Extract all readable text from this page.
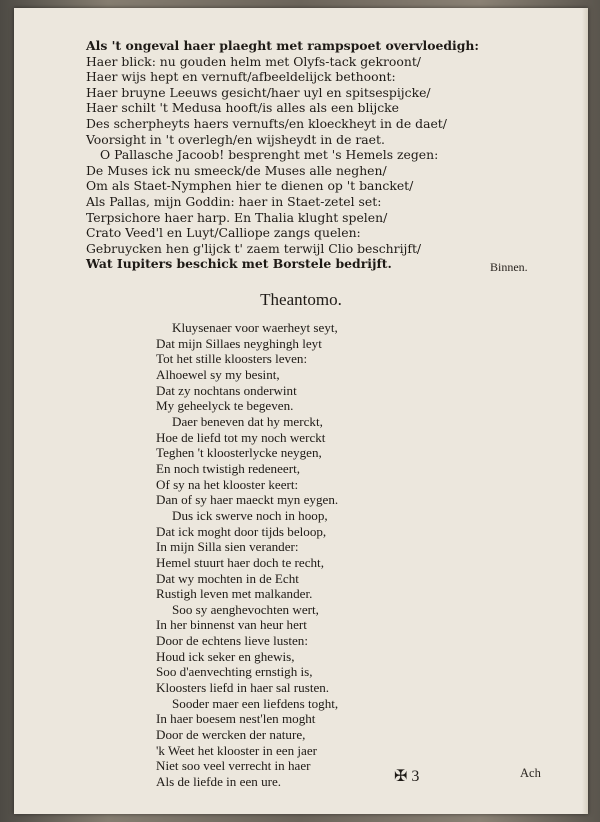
Als 't ongeval haer plaeght met rampspoet overvloedigh:
Haer blick: nu gouden helm met Olyfs-tack gekroont/
Haer wijs hept en vernuft/afbeeldelijck bethoont:
Haer bruyne Leeuws gesicht/haer uyl en spitsespijcke/
Haer schilt 't Medusa hooft/is alles als een blijcke
Des scherpheyts haers vernufts/en kloeckheyt in de daet/
Voorsight in 't overlegh/en wijsheydt in de raet.
O Pallasche Jacoob! besprenght met 's Hemels zegen:
De Muses ick nu smeeck/de Muses alle neghen/
Om als Staet-Nymphen hier te dienen op 't bancket/
Als Pallas, mijn Goddin: haer in Staet-zetel set:
Terpsichore haer harp. En Thalia klught spelen/
Crato Veed'l en Luyt/Calliope zangs quelen:
Gebruycken hen g'lijck t' zaem terwijl Clio beschrijft/
Wat Iupiters beschick met Borstele bedrijft.	Binnen.
Theantomo.
Kluysenaer voor waerheyt seyt,
Dat mijn Sillaes neyghingh leyt
Tot het stille kloosters leven:
Alhoewel sy my besint,
Dat zy nochtans onderwint
My geheelyck te begeven.
Daer beneven dat hy merckt,
Hoe de liefd tot my noch werckt
Teghen 't kloosterlycke neygen,
En noch twistigh redeneert,
Of sy na het klooster keert:
Dan of sy haer maeckt myn eygen.
Dus ick swerve noch in hoop,
Dat ick moght door tijds beloop,
In mijn Silla sien verander:
Hemel stuurt haer doch te recht,
Dat wy mochten in de Echt
Rustigh leven met malkander.
Soo sy aenghevochten wert,
In her binnenst van heur hert
Door de echtens lieve lusten:
Houd ick seker en ghewis,
Soo d'aenvechting ernstigh is,
Kloosters liefd in haer sal rusten.
Sooder maer een liefdens toght,
In haer boesem nest'len moght
Door de wercken der nature,
'k Weet het klooster in een jaer
Niet soo veel verrecht in haer
Als de liefde in een ure.	✠ 3	Ach
